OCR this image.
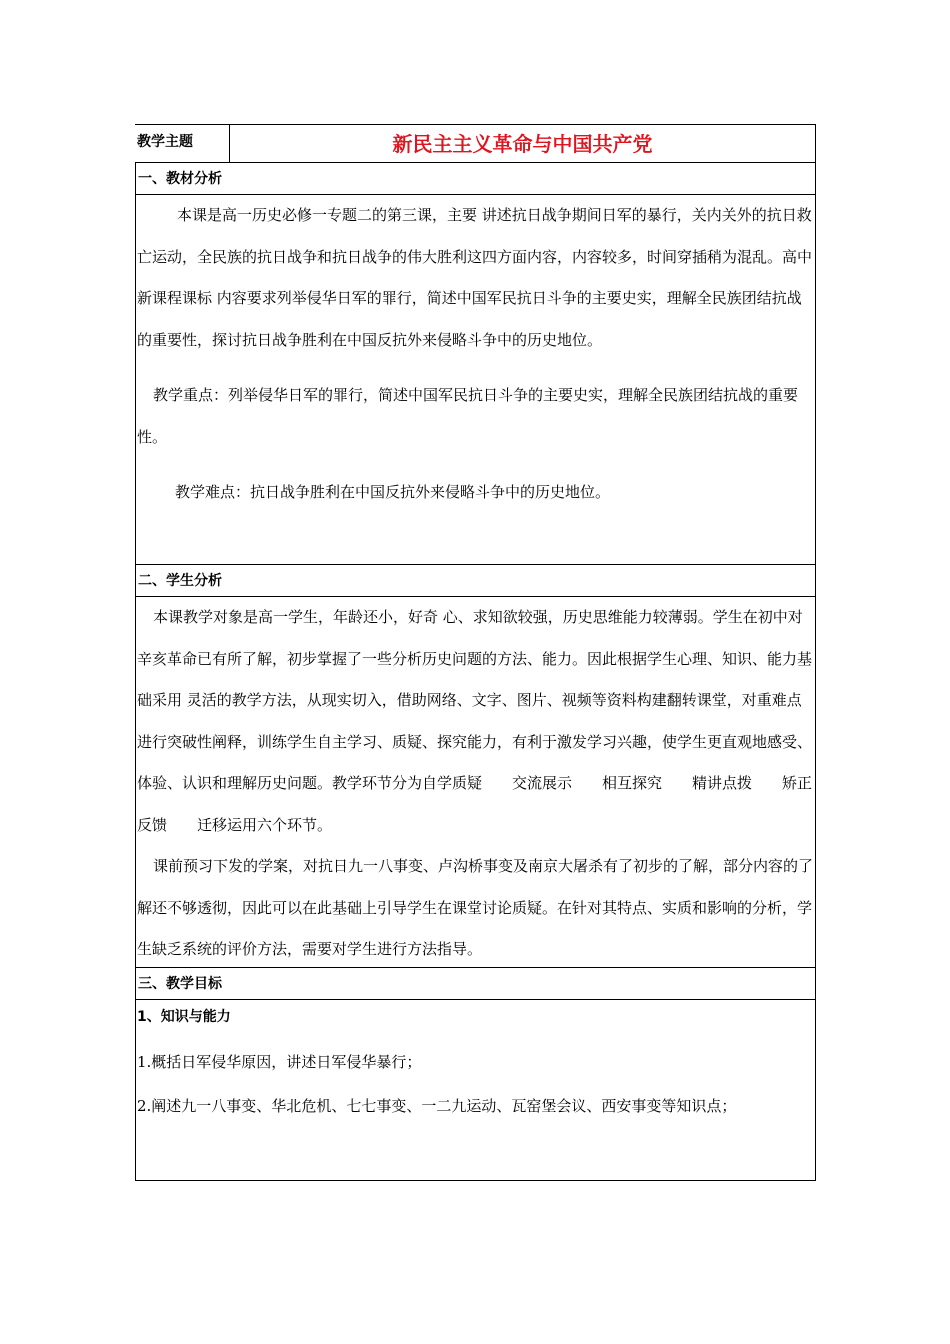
教学主题	新民主主义革命与中国共产党
一、教材分析

本课是高一历史必修一专题二的第三课，主要 讲述抗日战争期间日军的暴行，关内关外的抗日救亡运动，全民族的抗日战争和抗日战争的伟大胜利这四方面内容，内容较多，时间穿插稍为混乱。高中新课程课标 内容要求列举侵华日军的罪行，简述中国军民抗日斗争的主要史实，理解全民族团结抗战的重要性，探讨抗日战争胜利在中国反抗外来侵略斗争中的历史地位。

教学重点：列举侵华日军的罪行，简述中国军民抗日斗争的主要史实，理解全民族团结抗战的重要性。

教学难点：抗日战争胜利在中国反抗外来侵略斗争中的历史地位。

二、学生分析

本课教学对象是高一学生，年龄还小，好奇 心、求知欲较强，历史思维能力较薄弱。学生在初中对辛亥革命已有所了解，初步掌握了一些分析历史问题的方法、能力。因此根据学生心理、知识、能力基础采用 灵活的教学方法，从现实切入，借助网络、文字、图片、视频等资料构建翻转课堂，对重难点进行突破性阐释，训练学生自主学习、质疑、探究能力，有利于激发学习兴趣，使学生更直观地感受、体验、认识和理解历史问题。教学环节分为自学质疑　　交流展示　　相互探究　　精讲点拨　　矫正反馈　　迁移运用六个环节。

课前预习下发的学案，对抗日九一八事变、卢沟桥事变及南京大屠杀有了初步的了解，部分内容的了解还不够透彻，因此可以在此基础上引导学生在课堂讨论质疑。在针对其特点、实质和影响的分析，学生缺乏系统的评价方法，需要对学生进行方法指导。

三、教学目标
1、知识与能力
1.概括日军侵华原因，讲述日军侵华暴行；
2.阐述九一八事变、华北危机、七七事变、一二九运动、瓦窑堡会议、西安事变等知识点；
